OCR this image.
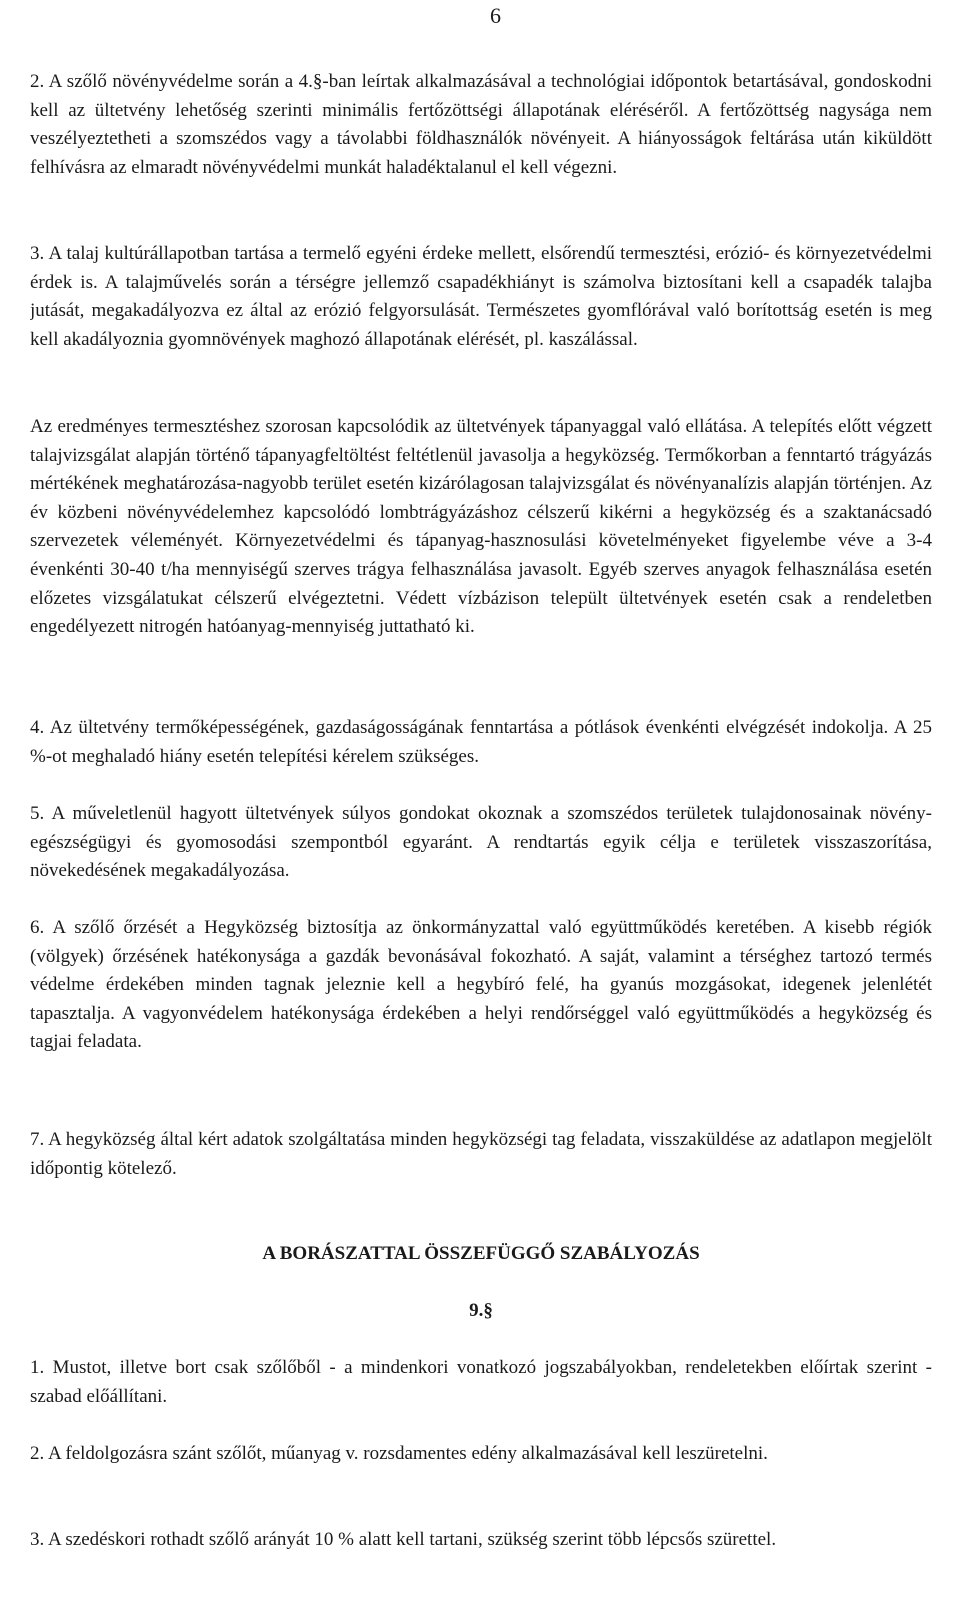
6

2. A szőlő növényvédelme során a 4.§-ban leírtak alkalmazásával a technológiai időpontok betartásával, gondoskodni kell az ültetvény lehetőség szerinti minimális fertőzöttségi állapotának eléréséről. A fertőzöttség nagysága nem veszélyeztetheti a szomszédos vagy a távolabbi földhasználók növényeit. A hiányosságok feltárása után kiküldött felhívásra az elmaradt növényvédelmi munkát haladéktalanul el kell végezni.

3. A talaj kultúrállapotban tartása a termelő egyéni érdeke mellett, elsőrendű termesztési, erózió- és környezetvédelmi érdek is. A talajművelés során a térségre jellemző csapadékhiányt is számolva biztosítani kell a csapadék talajba jutását, megakadályozva ez által az erózió felgyorsulását. Természetes gyomflórával való borítottság esetén is meg kell akadályoznia gyomnövények maghozó állapotának elérését, pl. kaszálással.

Az eredményes termesztéshez szorosan kapcsolódik az ültetvények tápanyaggal való ellátása. A telepítés előtt végzett talajvizsgálat alapján történő tápanyagfeltöltést feltétlenül javasolja a hegyközség. Termőkorban a fenntartó trágyázás mértékének meghatározása-nagyobb terület esetén kizárólagosan talajvizsgálat és növényanalízis alapján történjen. Az év közbeni növényvédelemhez kapcsolódó lombtrágyázáshoz célszerű kikérni a hegyközség és a szaktanácsadó szervezetek véleményét. Környezetvédelmi és tápanyag-hasznosulási követelményeket figyelembe véve a 3-4 évenkénti 30-40 t/ha mennyiségű szerves trágya felhasználása javasolt. Egyéb szerves anyagok felhasználása esetén előzetes vizsgálatukat célszerű elvégeztetni. Védett vízbázison települt ültetvények esetén csak a rendeletben engedélyezett nitrogén hatóanyag-mennyiség juttatható ki.

4. Az ültetvény termőképességének, gazdaságosságának fenntartása a pótlások évenkénti elvégzését indokolja. A 25 %-ot meghaladó hiány esetén telepítési kérelem szükséges.

5. A műveletlenül hagyott ültetvények súlyos gondokat okoznak a szomszédos területek tulajdonosainak növény-egészségügyi és gyomosodási szempontból egyaránt. A rendtartás egyik célja e területek visszaszorítása, növekedésének megakadályozása.

6. A szőlő őrzését a Hegyközség biztosítja az önkormányzattal való együttműködés keretében. A kisebb régiók (völgyek) őrzésének hatékonysága a gazdák bevonásával fokozható. A saját, valamint a térséghez tartozó termés védelme érdekében minden tagnak jeleznie kell a hegybíró felé, ha gyanús mozgásokat, idegenek jelenlétét tapasztalja. A vagyonvédelem hatékonysága érdekében a helyi rendőrséggel való együttműködés a hegyközség és tagjai feladata.

7. A hegyközség által kért adatok szolgáltatása minden hegyközségi tag feladata, visszaküldése az adatlapon megjelölt időpontig kötelező.

A BORÁSZATTAL ÖSSZEFÜGGŐ SZABÁLYOZÁS
9.§

1. Mustot, illetve bort csak szőlőből - a mindenkori vonatkozó jogszabályokban, rendeletekben előírtak szerint - szabad előállítani.

2. A feldolgozásra szánt szőlőt, műanyag v. rozsdamentes edény alkalmazásával kell leszüretelni.

3. A szedéskori rothadt szőlő arányát 10 % alatt kell tartani, szükség szerint több lépcsős szürettel.
